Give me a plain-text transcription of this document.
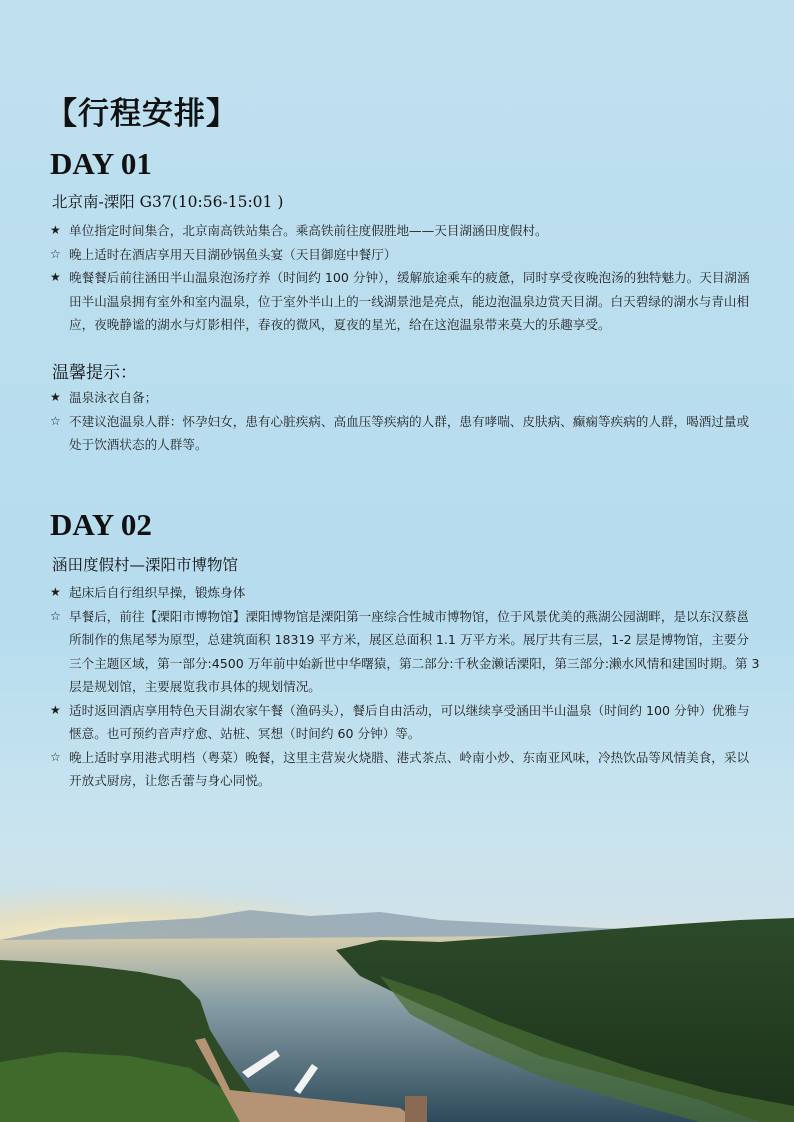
【行程安排】
DAY 01
北京南-溧阳 G37(10:56-15:01 )
★ 单位指定时间集合，北京南高铁站集合。乘高铁前往度假胜地——天目湖涵田度假村。
☆ 晚上适时在酒店享用天目湖砂锅鱼头宴（天目御庭中餐厅）
★ 晚餐餐后前往涵田半山温泉泡汤疗养（时间约 100 分钟），缓解旅途乘车的疲惫，同时享受夜晚泡汤的独特魅力。天目湖涵田半山温泉拥有室外和室内温泉，位于室外半山上的一线湖景池是亮点，能边泡温泉边赏天目湖。白天碧绿的湖水与青山相应，夜晚静谧的湖水与灯影相伴，春夜的微风，夏夜的星光，给在这泡温泉带来莫大的乐趣享受。
温馨提示：
★ 温泉泳衣自备；
☆ 不建议泡温泉人群：怀孕妇女，患有心脏疾病、高血压等疾病的人群，患有哮喘、皮肤病、癫痫等疾病的人群，喝酒过量或处于饮酒状态的人群等。
DAY 02
涵田度假村—溧阳市博物馆
★ 起床后自行组织早操，锻炼身体
☆ 早餐后，前往【溧阳市博物馆】溧阳博物馆是溧阳第一座综合性城市博物馆，位于风景优美的燕湖公园湖畔，是以东汉蔡邕所制作的焦尾琴为原型，总建筑面积 18319 平方米，展区总面积 1.1 万平方米。展厅共有三层，1-2 层是博物馆，主要分三个主题区域，第一部分:4500 万年前中始新世中华曙猿，第二部分:千秋金濑话溧阳，第三部分:濑水风情和建国时期。第 3 层是规划馆，主要展览我市具体的规划情况。
★ 适时返回酒店享用特色天目湖农家午餐（渔码头），餐后自由活动，可以继续享受涵田半山温泉（时间约 100 分钟）优雅与惬意。也可预约音声疗愈、站桩、冥想（时间约 60 分钟）等。
☆ 晚上适时享用港式明档（粤菜）晚餐，这里主营炭火烧腊、港式茶点、岭南小炒、东南亚风味，冷热饮品等风情美食，采以开放式厨房，让您舌蕾与身心同悦。
